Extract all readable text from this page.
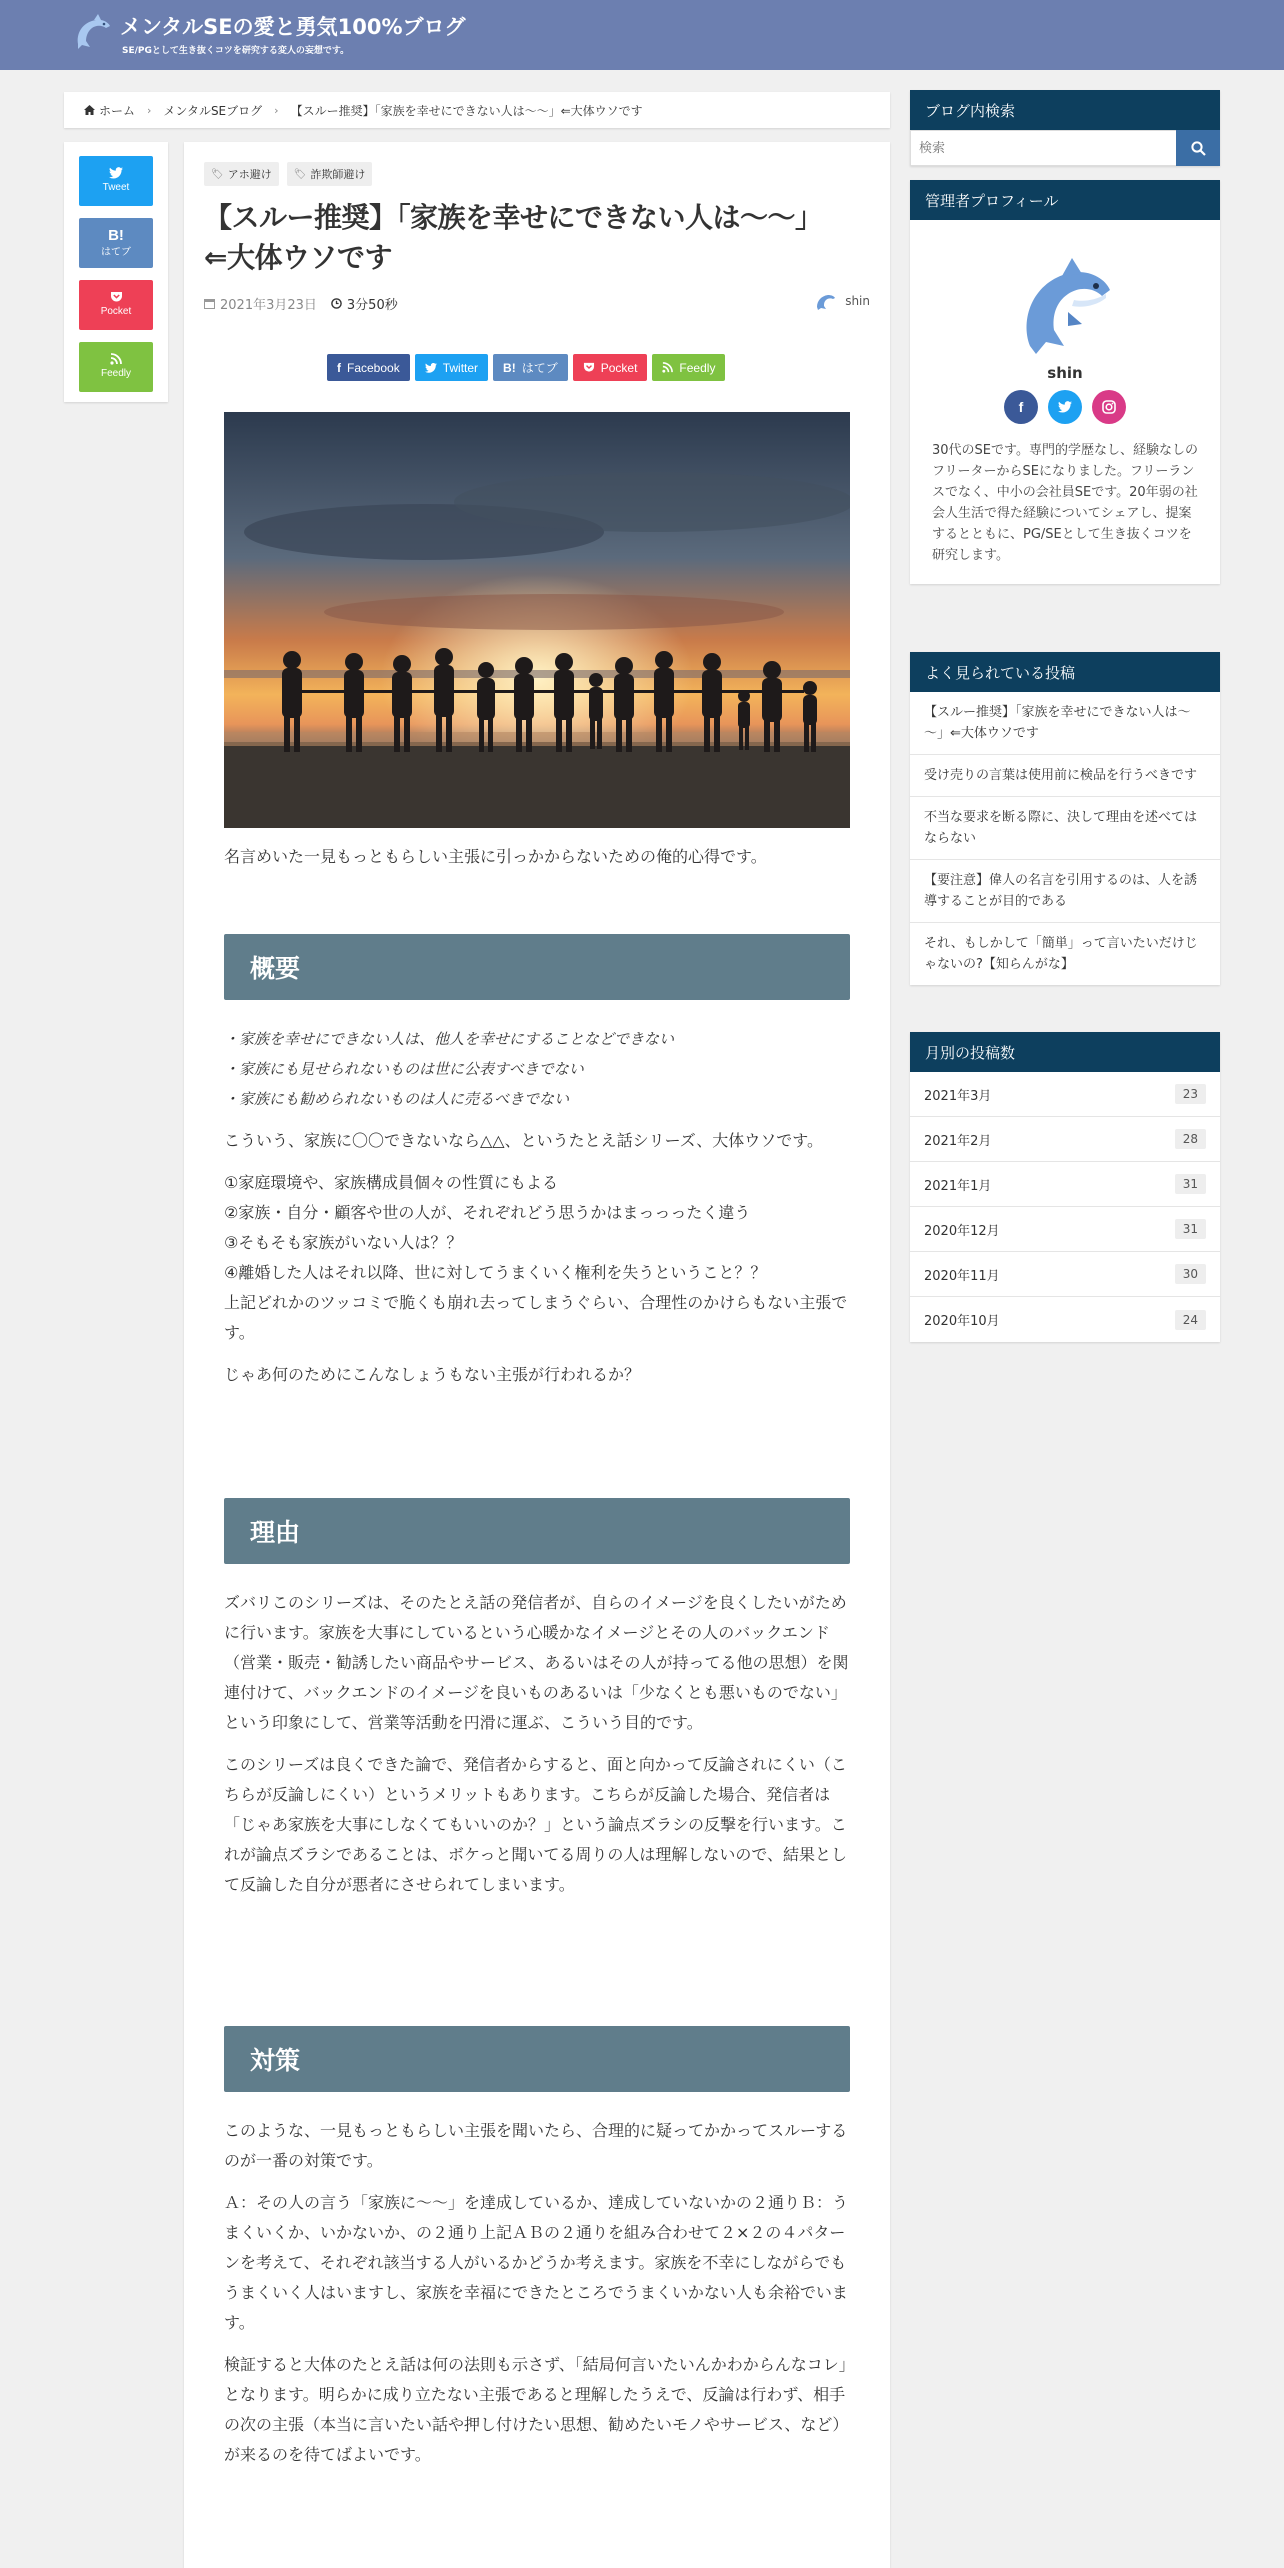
メンタルSEの愛と勇気100%ブログ
SE/PGとして生き抜くコツを研究する変人の妄想です。
ホーム › メンタルSEブログ › 【スルー推奨】「家族を幸せにできない人は～～」⇐大体ウソです
Tweet
B!
はてブ
Pocket
Feedly
🏷 アホ避け 🏷 詐欺師避け
【スルー推奨】「家族を幸せにできない人は～～」⇐大体ウソです
2021年3月23日 3分50秒	shin
f Facebook	Twitter B! はてブ	Pocket	Feedly

名言めいた一見もっともらしい主張に引っかからないための俺的心得です。

概要
・家族を幸せにできない人は、他人を幸せにすることなどできない
・家族にも見せられないものは世に公表すべきでない
・家族にも勧められないものは人に売るべきでない

こういう、家族に〇〇できないなら△△、というたとえ話シリーズ、大体ウソです。

①家庭環境や、家族構成員個々の性質にもよる
②家族・自分・顧客や世の人が、それぞれどう思うかはまっっったく違う
③そもそも家族がいない人は？？
④離婚した人はそれ以降、世に対してうまくいく権利を失うということ？？
上記どれかのツッコミで脆くも崩れ去ってしまうぐらい、合理性のかけらもない主張です。

じゃあ何のためにこんなしょうもない主張が行われるか？

理由

ズバリこのシリーズは、そのたとえ話の発信者が、自らのイメージを良くしたいがために行います。家族を大事にしているという心暖かなイメージとその人のバックエンド（営業・販売・勧誘したい商品やサービス、あるいはその人が持ってる他の思想）を関連付けて、バックエンドのイメージを良いものあるいは「少なくとも悪いものでない」という印象にして、営業等活動を円滑に運ぶ、こういう目的です。

このシリーズは良くできた論で、発信者からすると、面と向かって反論されにくい（こちらが反論しにくい）というメリットもあります。こちらが反論した場合、発信者は「じゃあ家族を大事にしなくてもいいのか？」という論点ズラシの反撃を行います。これが論点ズラシであることは、ボケっと聞いてる周りの人は理解しないので、結果として反論した自分が悪者にさせられてしまいます。

対策

このような、一見もっともらしい主張を聞いたら、合理的に疑ってかかってスルーするのが一番の対策です。

Ａ：その人の言う「家族に～～」を達成しているか、達成していないかの２通りＢ：うまくいくか、いかないか、の２通り上記ＡＢの２通りを組み合わせて２×２の４パターンを考えて、それぞれ該当する人がいるかどうか考えます。家族を不幸にしながらでもうまくいく人はいますし、家族を幸福にできたところでうまくいかない人も余裕でいます。

検証すると大体のたとえ話は何の法則も示さず、「結局何言いたいんかわからんなコレ」となります。明らかに成り立たない主張であると理解したうえで、反論は行わず、相手の次の主張（本当に言いたい話や押し付けたい思想、勧めたいモノやサービス、など）が来るのを待てばよいです。

ブログ内検索
検索
管理者プロフィール
shin
f
30代のSEです。専門的学歴なし、経験なしのフリーターからSEになりました。フリーランスでなく、中小の会社員SEです。20年弱の社会人生活で得た経験についてシェアし、提案するとともに、PG/SEとして生き抜くコツを研究します。
よく見られている投稿
【スルー推奨】「家族を幸せにできない人は～～」⇐大体ウソです
受け売りの言葉は使用前に検品を行うべきです
不当な要求を断る際に、決して理由を述べてはならない
【要注意】偉人の名言を引用するのは、人を誘導することが目的である
それ、もしかして「簡単」って言いたいだけじゃないの?【知らんがな】
月別の投稿数
2021年3月	23
2021年2月	28
2021年1月	31
2020年12月	31
2020年11月	30
2020年10月	24
